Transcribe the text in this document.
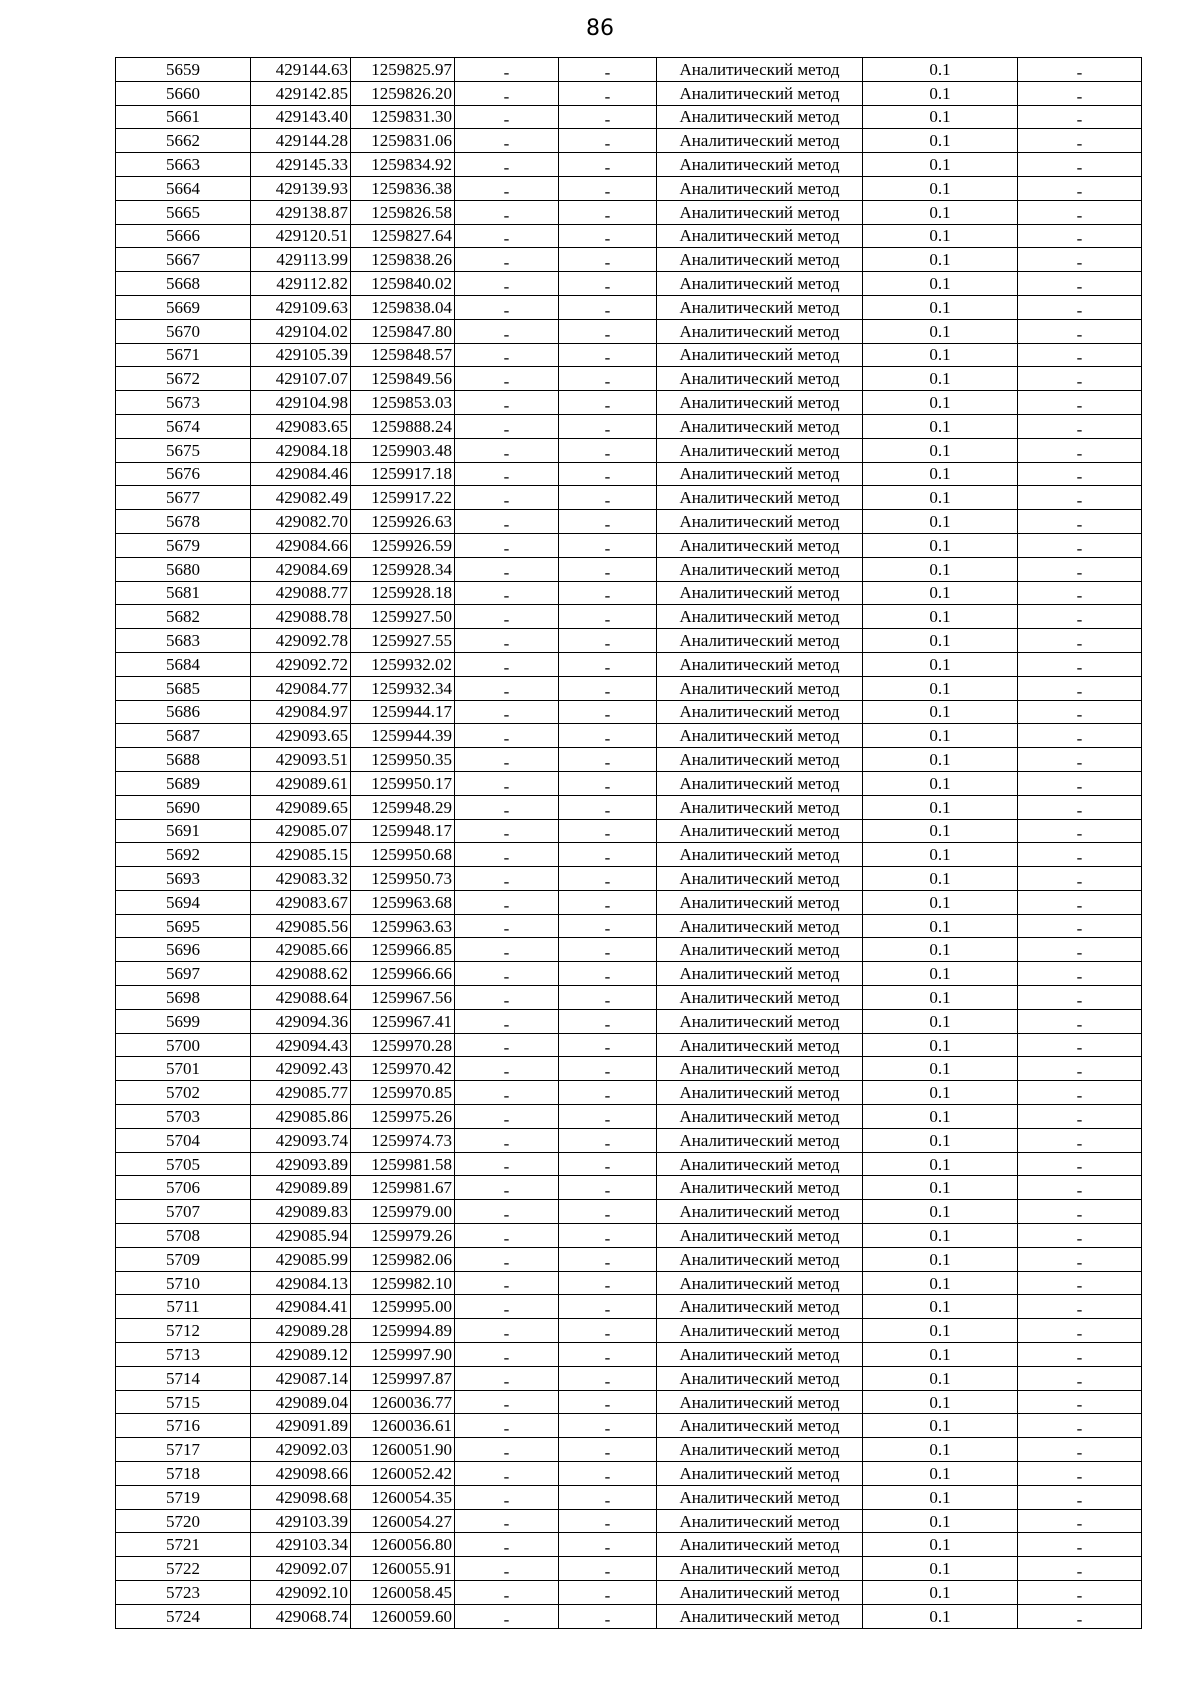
86
5659	429144.63	1259825.97	-	-	Аналитический метод	0.1	-
5660	429142.85	1259826.20	-	-	Аналитический метод	0.1	-
5661	429143.40	1259831.30	-	-	Аналитический метод	0.1	-
5662	429144.28	1259831.06	-	-	Аналитический метод	0.1	-
5663	429145.33	1259834.92	-	-	Аналитический метод	0.1	-
5664	429139.93	1259836.38	-	-	Аналитический метод	0.1	-
5665	429138.87	1259826.58	-	-	Аналитический метод	0.1	-
5666	429120.51	1259827.64	-	-	Аналитический метод	0.1	-
5667	429113.99	1259838.26	-	-	Аналитический метод	0.1	-
5668	429112.82	1259840.02	-	-	Аналитический метод	0.1	-
5669	429109.63	1259838.04	-	-	Аналитический метод	0.1	-
5670	429104.02	1259847.80	-	-	Аналитический метод	0.1	-
5671	429105.39	1259848.57	-	-	Аналитический метод	0.1	-
5672	429107.07	1259849.56	-	-	Аналитический метод	0.1	-
5673	429104.98	1259853.03	-	-	Аналитический метод	0.1	-
5674	429083.65	1259888.24	-	-	Аналитический метод	0.1	-
5675	429084.18	1259903.48	-	-	Аналитический метод	0.1	-
5676	429084.46	1259917.18	-	-	Аналитический метод	0.1	-
5677	429082.49	1259917.22	-	-	Аналитический метод	0.1	-
5678	429082.70	1259926.63	-	-	Аналитический метод	0.1	-
5679	429084.66	1259926.59	-	-	Аналитический метод	0.1	-
5680	429084.69	1259928.34	-	-	Аналитический метод	0.1	-
5681	429088.77	1259928.18	-	-	Аналитический метод	0.1	-
5682	429088.78	1259927.50	-	-	Аналитический метод	0.1	-
5683	429092.78	1259927.55	-	-	Аналитический метод	0.1	-
5684	429092.72	1259932.02	-	-	Аналитический метод	0.1	-
5685	429084.77	1259932.34	-	-	Аналитический метод	0.1	-
5686	429084.97	1259944.17	-	-	Аналитический метод	0.1	-
5687	429093.65	1259944.39	-	-	Аналитический метод	0.1	-
5688	429093.51	1259950.35	-	-	Аналитический метод	0.1	-
5689	429089.61	1259950.17	-	-	Аналитический метод	0.1	-
5690	429089.65	1259948.29	-	-	Аналитический метод	0.1	-
5691	429085.07	1259948.17	-	-	Аналитический метод	0.1	-
5692	429085.15	1259950.68	-	-	Аналитический метод	0.1	-
5693	429083.32	1259950.73	-	-	Аналитический метод	0.1	-
5694	429083.67	1259963.68	-	-	Аналитический метод	0.1	-
5695	429085.56	1259963.63	-	-	Аналитический метод	0.1	-
5696	429085.66	1259966.85	-	-	Аналитический метод	0.1	-
5697	429088.62	1259966.66	-	-	Аналитический метод	0.1	-
5698	429088.64	1259967.56	-	-	Аналитический метод	0.1	-
5699	429094.36	1259967.41	-	-	Аналитический метод	0.1	-
5700	429094.43	1259970.28	-	-	Аналитический метод	0.1	-
5701	429092.43	1259970.42	-	-	Аналитический метод	0.1	-
5702	429085.77	1259970.85	-	-	Аналитический метод	0.1	-
5703	429085.86	1259975.26	-	-	Аналитический метод	0.1	-
5704	429093.74	1259974.73	-	-	Аналитический метод	0.1	-
5705	429093.89	1259981.58	-	-	Аналитический метод	0.1	-
5706	429089.89	1259981.67	-	-	Аналитический метод	0.1	-
5707	429089.83	1259979.00	-	-	Аналитический метод	0.1	-
5708	429085.94	1259979.26	-	-	Аналитический метод	0.1	-
5709	429085.99	1259982.06	-	-	Аналитический метод	0.1	-
5710	429084.13	1259982.10	-	-	Аналитический метод	0.1	-
5711	429084.41	1259995.00	-	-	Аналитический метод	0.1	-
5712	429089.28	1259994.89	-	-	Аналитический метод	0.1	-
5713	429089.12	1259997.90	-	-	Аналитический метод	0.1	-
5714	429087.14	1259997.87	-	-	Аналитический метод	0.1	-
5715	429089.04	1260036.77	-	-	Аналитический метод	0.1	-
5716	429091.89	1260036.61	-	-	Аналитический метод	0.1	-
5717	429092.03	1260051.90	-	-	Аналитический метод	0.1	-
5718	429098.66	1260052.42	-	-	Аналитический метод	0.1	-
5719	429098.68	1260054.35	-	-	Аналитический метод	0.1	-
5720	429103.39	1260054.27	-	-	Аналитический метод	0.1	-
5721	429103.34	1260056.80	-	-	Аналитический метод	0.1	-
5722	429092.07	1260055.91	-	-	Аналитический метод	0.1	-
5723	429092.10	1260058.45	-	-	Аналитический метод	0.1	-
5724	429068.74	1260059.60	-	-	Аналитический метод	0.1	-
